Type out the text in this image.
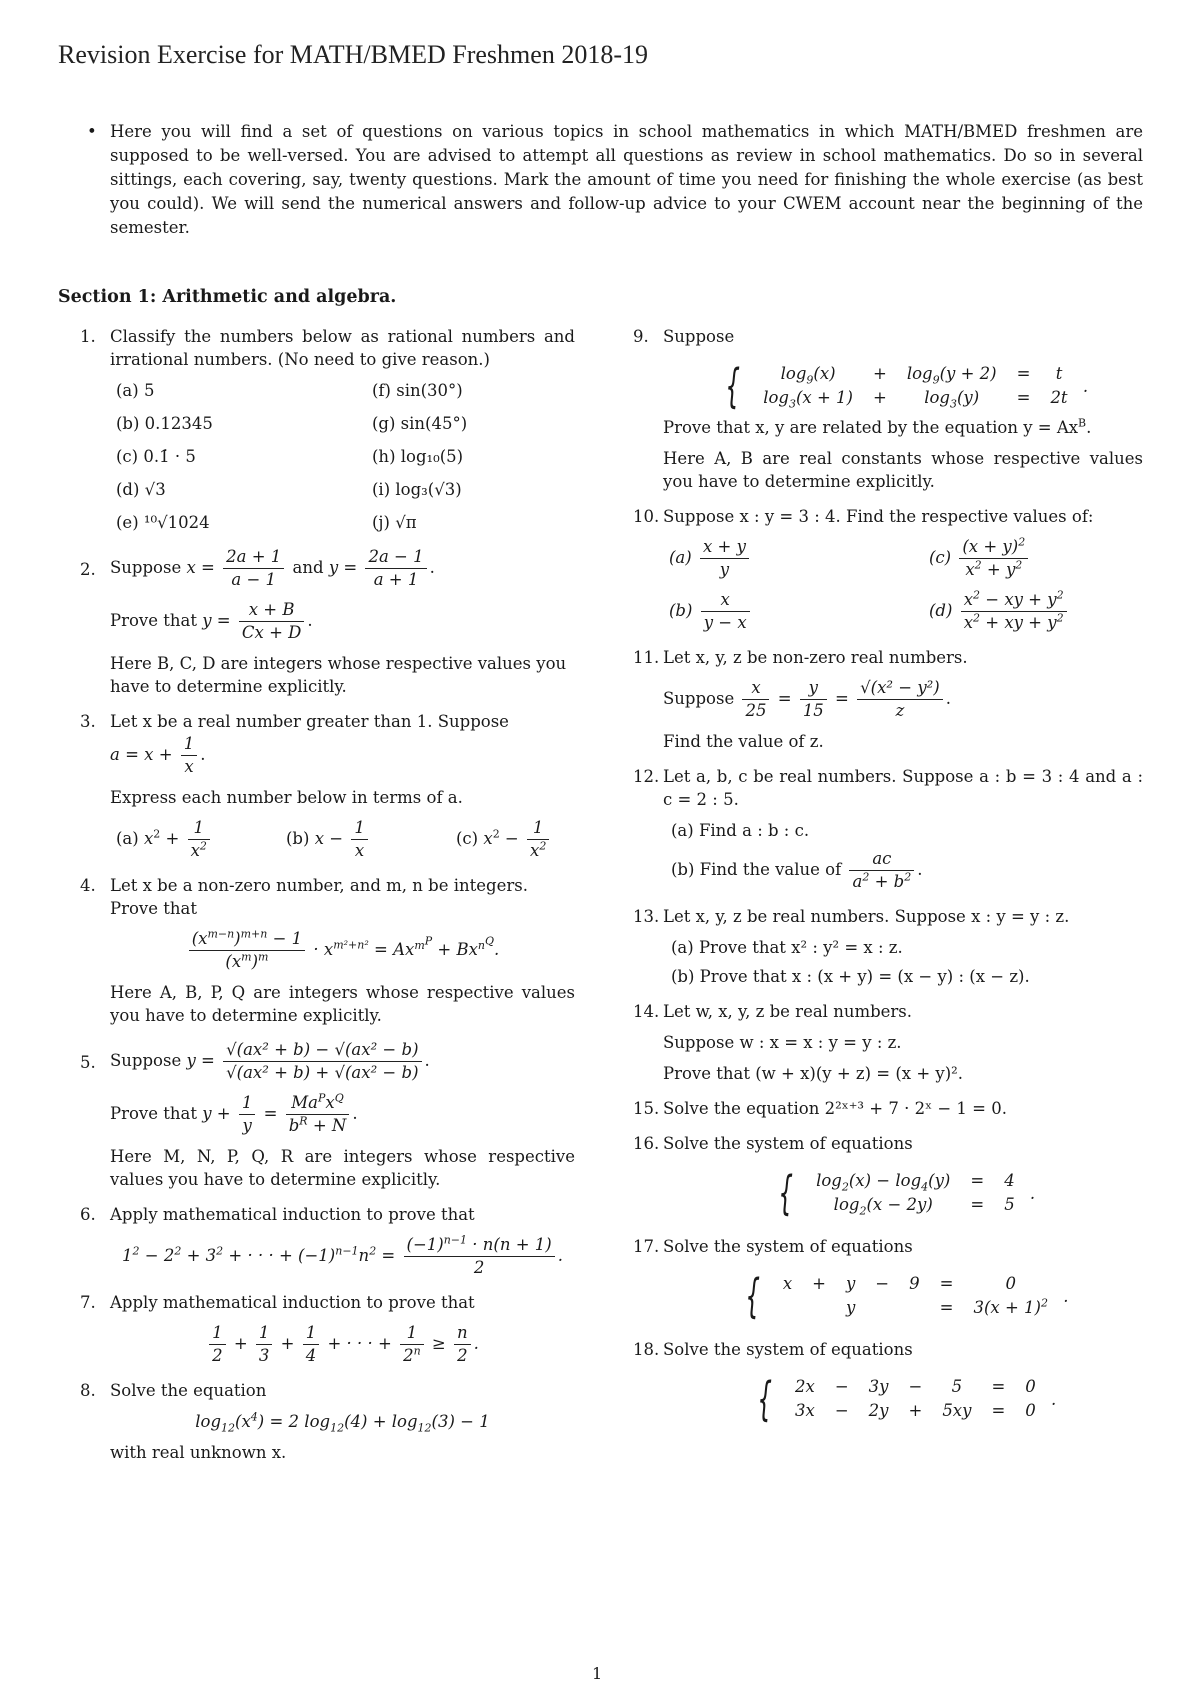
Revision Exercise for MATH/BMED Freshmen 2018-19
• Here you will find a set of questions on various topics in school mathematics in which MATH/BMED freshmen are supposed to be well-versed. You are advised to attempt all questions as review in school mathematics. Do so in several sittings, each covering, say, twenty questions. Mark the amount of time you need for finishing the whole exercise (as best you could). We will send the numerical answers and follow-up advice to your CWEM account near the beginning of the semester.
Section 1: Arithmetic and algebra.
1. Classify the numbers below as rational numbers and irrational numbers. (No need to give reason.)

(a) 5	(f) sin(30°)
(b) 0.12345	(g) sin(45°)
(c) 0.1̇ · 5	(h) log₁₀(5)
(d) √3	(i) log₃(√3)
(e) ¹⁰√1024	(j) √π
2. Suppose $x = \frac{2a + 1}{a - 1}$ and $y = \frac{2a - 1}{a + 1}$ .

Prove that $y = \frac{x + B}{Cx + D}$ .

Here B, C, D are integers whose respective values you have to determine explicitly.

3. Let x be a real number greater than 1. Suppose
$a = x + \frac{1}{x}$ .

Express each number below in terms of a.

(a) $x^2 + \frac{1}{x^2}$	(b) $x - \frac{1}{x}$	(c) $x^2 - \frac{1}{x^2}$
4. Let x be a non-zero number, and m, n be integers.
Prove that

$\frac{(x^{m-n})^{m+n} - 1}{(x^m)^m} \cdot x^{m^2+n^2} = Ax^{m^P} + Bx^{n^Q}$.

Here A, B, P, Q are integers whose respective values you have to determine explicitly.

5. Suppose $y = \frac{\text{√(ax² + b) − √(ax² − b)}}{\text{√(ax² + b) + √(ax² − b)}}$ .

Prove that $y + \frac{1}{y}$ =
$Ma^Px^Q$
$b^R + N$
.

Here M, N, P, Q, R are integers whose respective values you have to determine explicitly.

6. Apply mathematical induction to prove that

$1^2 - 2^2 + 3^2$ + · · · + $(-1)^{n-1}n^2 = \frac{(-1)^{n-1} \cdot n(n + 1)}{2}$ .
7. Apply mathematical induction to prove that

$\frac{1}{2} + \frac{1}{3} + \frac{1}{4}$ + · · · + $\frac{1}{2^n} \ge \frac{n}{2}$ .
8. Solve the equation

$\log_{12}(x^4) = 2$ $\log_{12}(4) + \log_{12}(3) - 1$

with real unknown x.

9. Suppose

{ $\log_9(x)$	+	$\log_9(y + 2)$	=	t
$\log_3(x + 1)$	+	$\log_3(y)$	=	2t
.

Prove that x, y are related by the equation $y = Ax^B$.

Here A, B are real constants whose respective values you have to determine explicitly.

10. Suppose x : y = 3 : 4. Find the respective values of:

$(a) \frac{x + y}{y}$	$(c) \frac{(x + y)^2}{x^2 + y^2}$
$(b) \frac{x}{y - x}$	$(d) \frac{x^2 - xy + y^2}{x^2 + xy + y^2}$
11. Let x, y, z be non-zero real numbers.

Suppose $\frac{x}{25} = \frac{y}{15} = \frac{\text{√(x² − y²)}}{z}$ .

Find the value of z.

12. Let a, b, c be real numbers. Suppose a : b = 3 : 4 and a : c = 2 : 5.

(a) Find a : b : c.
(b) Find the value of $\frac{ac}{a^2 + b^2}$ .
13. Let x, y, z be real numbers. Suppose x : y = y : z.

(a) Prove that x² : y² = x : z.
(b) Prove that x : (x + y) = (x − y) : (x − z).
14. Let w, x, y, z be real numbers.

Suppose w : x = x : y = y : z.

Prove that (w + x)(y + z) = (x + y)².

15. Solve the equation 2²ˣ⁺³ + 7 · 2ˣ − 1 = 0.

16. Solve the system of equations

{ $\log_2(x) - \log_4(y)$	=	4
$\log_2(x - 2y)$	=	5
.
17. Solve the system of equations

{ x	+	y	−	9	=	0
		y			=	$3(x + 1)^2$ .
18. Solve the system of equations

{ 2x	−	3y	−	5	=	0
3x	−	2y	+	5xy	=	0
.
1
